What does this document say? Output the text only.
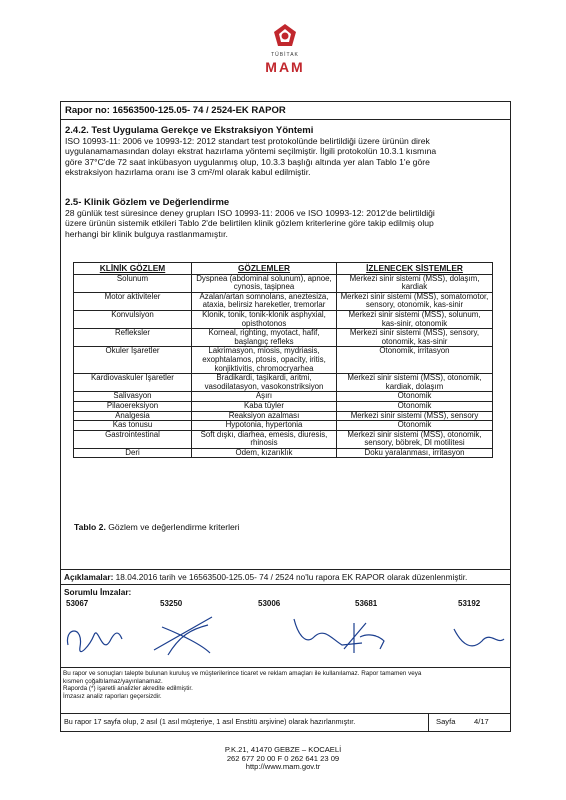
TÜBİTAK
MAM
Rapor no: 16563500-125.05- 74 / 2524-EK RAPOR
2.4.2. Test Uygulama Gerekçe ve Ekstraksiyon Yöntemi
ISO 10993-11: 2006 ve 10993-12: 2012 standart test protokolünde belirtildiği üzere ürünün direk
uygulanamamasından dolayı ekstrat hazırlama yöntemi seçilmiştir. İlgili protokolün 10.3.1 kısmına
göre 37°C'de 72 saat inkübasyon uygulanmış olup, 10.3.3 başlığı altında yer alan Tablo 1'e göre
ekstraksiyon hazırlama oranı ise 3 cm²/ml olarak kabul edilmiştir.
2.5- Klinik Gözlem ve Değerlendirme
28 günlük test süresince deney grupları ISO 10993-11: 2006 ve ISO 10993-12: 2012'de belirtildiği
üzere ürünün sistemik etkileri Tablo 2'de belirtilen klinik gözlem kriterlerine göre takip edilmiş olup
herhangi bir klinik bulguya rastlanmamıştır.
KLİNİK GÖZLEM	GÖZLEMLER	İZLENECEK SİSTEMLER
Solunum	Dyspnea (abdominal solunum), apnoe, cynosis, taşipnea	Merkezi sinir sistemi (MSS), dolaşım, kardiak
Motor aktiviteler	Azalan/artan somnolans, aneztesiza, ataxia, belirsiz hareketler, tremorlar	Merkezi sinir sistemi (MSS), somatomotor, sensory, otonomik, kas-sinir
Konvulsiyon	Klonik, tonik, tonik-klonik asphyxial, opisthotonos	Merkezi sinir sistemi (MSS), solunum, kas-sinir, otonomik
Refleksler	Korneal, righting, myotact, hafif, başlangıç refleks	Merkezi sinir sistemi (MSS), sensory, otonomik, kas-sinir
Okuler İşaretler	Lakrimasyon, miosis, mydriasis, exophtalamos, ptosis, opacity, iritis, konjiktivitis, chromocryarhea	Otonomik, irritasyon
Kardiovaskuler İşaretler	Bradikardi, taşikardi, aritmi, vasodilatasyon, vasokonstriksiyon	Merkezi sinir sistemi (MSS), otonomik, kardiak, dolaşım
Salivasyon	Aşırı	Otonomik
Pilaoereksiyon	Kaba tüyler	Otonomik
Analgesia	Reaksiyon azalması	Merkezi sinir sistemi (MSS), sensory
Kas tonusu	Hypotonia, hypertonia	Otonomik
Gastrointestinal	Soft dışkı, diarhea, emesis, diuresis, rhinosis	Merkezi sinir sistemi (MSS), otonomik, sensory, böbrek, Dl motilitesi
Deri	Ödem, kızarıklık	Doku yaralanması, irritasyon
Tablo 2. Gözlem ve değerlendirme kriterleri
Açıklamalar: 18.04.2016 tarih ve 16563500-125.05- 74 / 2524 no'lu rapora EK RAPOR olarak düzenlenmiştir.
Sorumlu İmzalar:
53067	53250	53006	53681	53192
Bu rapor ve sonuçları talepte bulunan kuruluş ve müşterilerince ticaret ve reklam amaçları ile kullanılamaz. Rapor tamamen veya
kısmen çoğaltılamaz/yayınlanamaz.
Raporda (*) işaretli analizler akredite edilmiştir.
İmzasız analiz raporları geçersizdir.
Bu rapor 17 sayfa olup, 2 asıl (1 asıl müşteriye, 1 asıl Enstitü arşivine) olarak hazırlanmıştır.	Sayfa 4/17
P.K.21, 41470 GEBZE – KOCAELİ
262 677 20 00 F 0 262 641 23 09
http://www.mam.gov.tr
